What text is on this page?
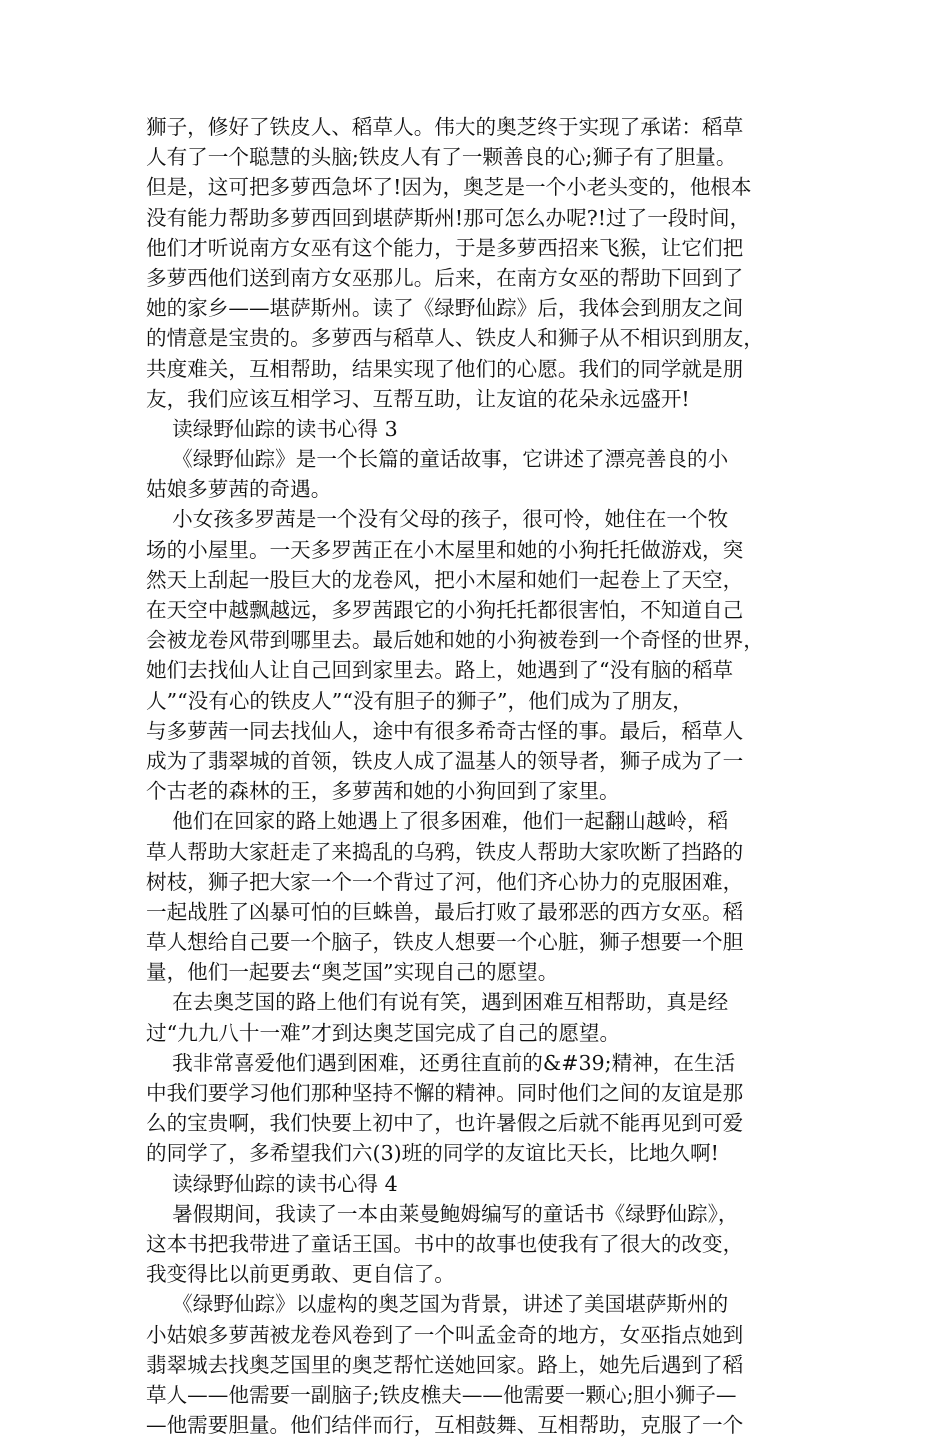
狮子，修好了铁皮人、稻草人。伟大的奥芝终于实现了承诺：稻草
人有了一个聪慧的头脑;铁皮人有了一颗善良的心;狮子有了胆量。
但是，这可把多萝西急坏了!因为，奥芝是一个小老头变的，他根本
没有能力帮助多萝西回到堪萨斯州!那可怎么办呢?!过了一段时间，
他们才听说南方女巫有这个能力，于是多萝西招来飞猴，让它们把
多萝西他们送到南方女巫那儿。后来，在南方女巫的帮助下回到了
她的家乡——堪萨斯州。读了《绿野仙踪》后，我体会到朋友之间
的情意是宝贵的。多萝西与稻草人、铁皮人和狮子从不相识到朋友，
共度难关，互相帮助，结果实现了他们的心愿。我们的同学就是朋
友，我们应该互相学习、互帮互助，让友谊的花朵永远盛开!
读绿野仙踪的读书心得 3
《绿野仙踪》是一个长篇的童话故事，它讲述了漂亮善良的小
姑娘多萝茜的奇遇。
小女孩多罗茜是一个没有父母的孩子，很可怜，她住在一个牧
场的小屋里。一天多罗茜正在小木屋里和她的小狗托托做游戏，突
然天上刮起一股巨大的龙卷风，把小木屋和她们一起卷上了天空，
在天空中越飘越远，多罗茜跟它的小狗托托都很害怕，不知道自己
会被龙卷风带到哪里去。最后她和她的小狗被卷到一个奇怪的世界，
她们去找仙人让自己回到家里去。路上，她遇到了“没有脑的稻草
人”“没有心的铁皮人”“没有胆子的狮子”，他们成为了朋友，
与多萝茜一同去找仙人，途中有很多希奇古怪的事。最后，稻草人
成为了翡翠城的首领，铁皮人成了温基人的领导者，狮子成为了一
个古老的森林的王，多萝茜和她的小狗回到了家里。
他们在回家的路上她遇上了很多困难，他们一起翻山越岭，稻
草人帮助大家赶走了来捣乱的乌鸦，铁皮人帮助大家吹断了挡路的
树枝，狮子把大家一个一个背过了河，他们齐心协力的克服困难，
一起战胜了凶暴可怕的巨蛛兽，最后打败了最邪恶的西方女巫。稻
草人想给自己要一个脑子，铁皮人想要一个心脏，狮子想要一个胆
量，他们一起要去“奥芝国”实现自己的愿望。
在去奥芝国的路上他们有说有笑，遇到困难互相帮助，真是经
过“九九八十一难”才到达奥芝国完成了自己的愿望。
我非常喜爱他们遇到困难，还勇往直前的&#39;精神，在生活
中我们要学习他们那种坚持不懈的精神。同时他们之间的友谊是那
么的宝贵啊，我们快要上初中了，也许暑假之后就不能再见到可爱
的同学了，多希望我们六(3)班的同学的友谊比天长，比地久啊!
读绿野仙踪的读书心得 4
暑假期间，我读了一本由莱曼鲍姆编写的童话书《绿野仙踪》，
这本书把我带进了童话王国。书中的故事也使我有了很大的改变，
我变得比以前更勇敢、更自信了。
《绿野仙踪》以虚构的奥芝国为背景，讲述了美国堪萨斯州的
小姑娘多萝茜被龙卷风卷到了一个叫孟金奇的地方，女巫指点她到
翡翠城去找奥芝国里的奥芝帮忙送她回家。路上，她先后遇到了稻
草人——他需要一副脑子;铁皮樵夫——他需要一颗心;胆小狮子—
—他需要胆量。他们结伴而行，互相鼓舞、互相帮助，克服了一个
